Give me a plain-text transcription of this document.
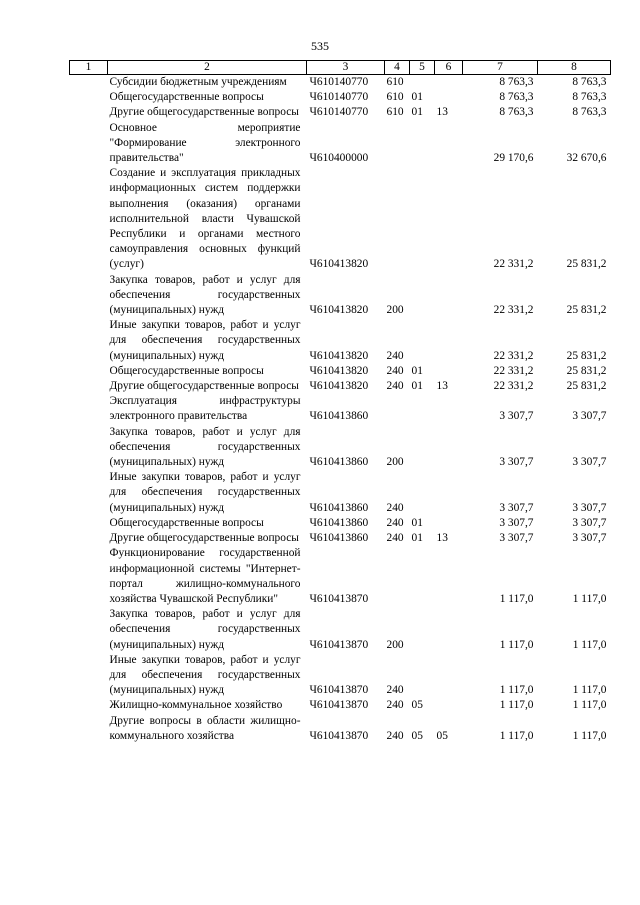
535
1	2	3	4	5	6	7	8
	Субсидии бюджетным учреждениям	Ч610140770	610			8 763,3	8 763,3
	Общегосударственные вопросы	Ч610140770	610	01		8 763,3	8 763,3
	Другие общегосударственные вопросы	Ч610140770	610	01	13	8 763,3	8 763,3
	Основное мероприятие "Формирование электронного правительства"	Ч610400000				29 170,6	32 670,6
	Создание и эксплуатация прикладных информационных систем поддержки выполнения (оказания) органами исполнительной власти Чувашской Республики и органами местного самоуправления основных функций (услуг)	Ч610413820				22 331,2	25 831,2
	Закупка товаров, работ и услуг для обеспечения государственных (муниципальных) нужд	Ч610413820	200			22 331,2	25 831,2
	Иные закупки товаров, работ и услуг для обеспечения государственных (муниципальных) нужд	Ч610413820	240			22 331,2	25 831,2
	Общегосударственные вопросы	Ч610413820	240	01		22 331,2	25 831,2
	Другие общегосударственные вопросы	Ч610413820	240	01	13	22 331,2	25 831,2
	Эксплуатация инфраструктуры электронного правительства	Ч610413860				3 307,7	3 307,7
	Закупка товаров, работ и услуг для обеспечения государственных (муниципальных) нужд	Ч610413860	200			3 307,7	3 307,7
	Иные закупки товаров, работ и услуг для обеспечения государственных (муниципальных) нужд	Ч610413860	240			3 307,7	3 307,7
	Общегосударственные вопросы	Ч610413860	240	01		3 307,7	3 307,7
	Другие общегосударственные вопросы	Ч610413860	240	01	13	3 307,7	3 307,7
	Функционирование государственной информационной системы "Интернет-портал жилищно-коммунального хозяйства Чувашской Республики"	Ч610413870				1 117,0	1 117,0
	Закупка товаров, работ и услуг для обеспечения государственных (муниципальных) нужд	Ч610413870	200			1 117,0	1 117,0
	Иные закупки товаров, работ и услуг для обеспечения государственных (муниципальных) нужд	Ч610413870	240			1 117,0	1 117,0
	Жилищно-коммунальное хозяйство	Ч610413870	240	05		1 117,0	1 117,0
	Другие вопросы в области жилищно-коммунального хозяйства	Ч610413870	240	05	05	1 117,0	1 117,0
